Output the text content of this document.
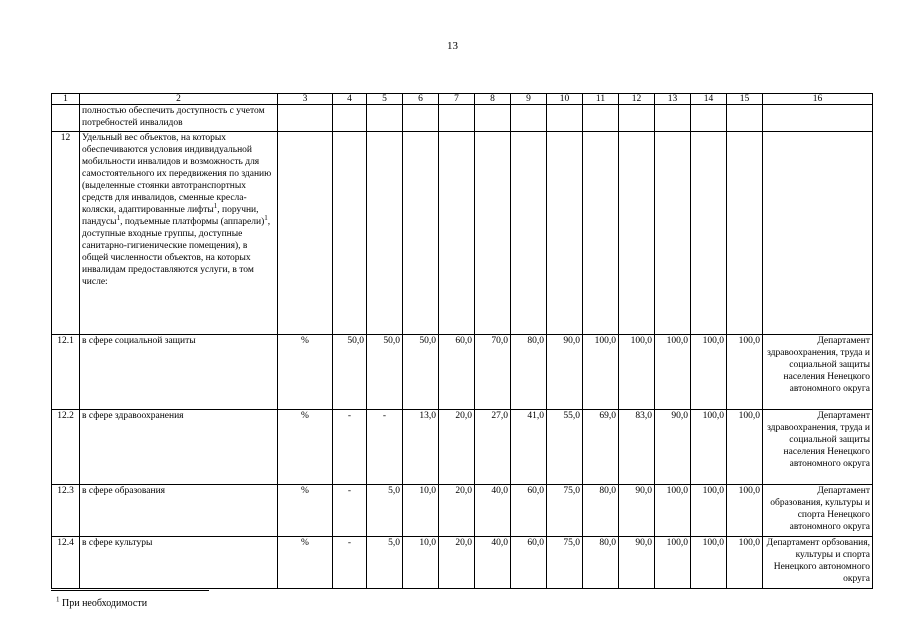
13
1	2	3	4	5	6	7	8	9	10	11	12	13	14	15	16
	полностью обеспечить доступность с учетом потребностей инвалидов														
12	Удельный вес объектов, на которых обеспечиваются условия индивидуальной мобильности инвалидов и возможность для самостоятельного их передвижения по зданию (выделенные стоянки автотранспортных средств для инвалидов, сменные кресла-коляски, адаптированные лифты$^1$, поручни, пандусы$^1$, подъемные платформы (аппарели)$^1$, доступные входные группы, доступные санитарно-гигиенические помещения), в общей численности объектов, на которых инвалидам предоставляются услуги, в том числе:														
12.1	в сфере социальной защиты	%	50,0	50,0	50,0	60,0	70,0	80,0	90,0	100,0	100,0	100,0	100,0	100,0	Департамент здравоохранения, труда и социальной защиты населения Ненецкого автономного округа
12.2	в сфере здравоохранения	%	-	-	13,0	20,0	27,0	41,0	55,0	69,0	83,0	90,0	100,0	100,0	Департамент здравоохранения, труда и социальной защиты населения Ненецкого автономного округа
12.3	в сфере образования	%	-	5,0	10,0	20,0	40,0	60,0	75,0	80,0	90,0	100,0	100,0	100,0	Департамент образования, культуры и спорта Ненецкого автономного округа
12.4	в сфере культуры	%	-	5,0	10,0	20,0	40,0	60,0	75,0	80,0	90,0	100,0	100,0	100,0	Департамент орбзования, культуры и спорта Ненецкого автономного округа
$^1$ При необходимости
